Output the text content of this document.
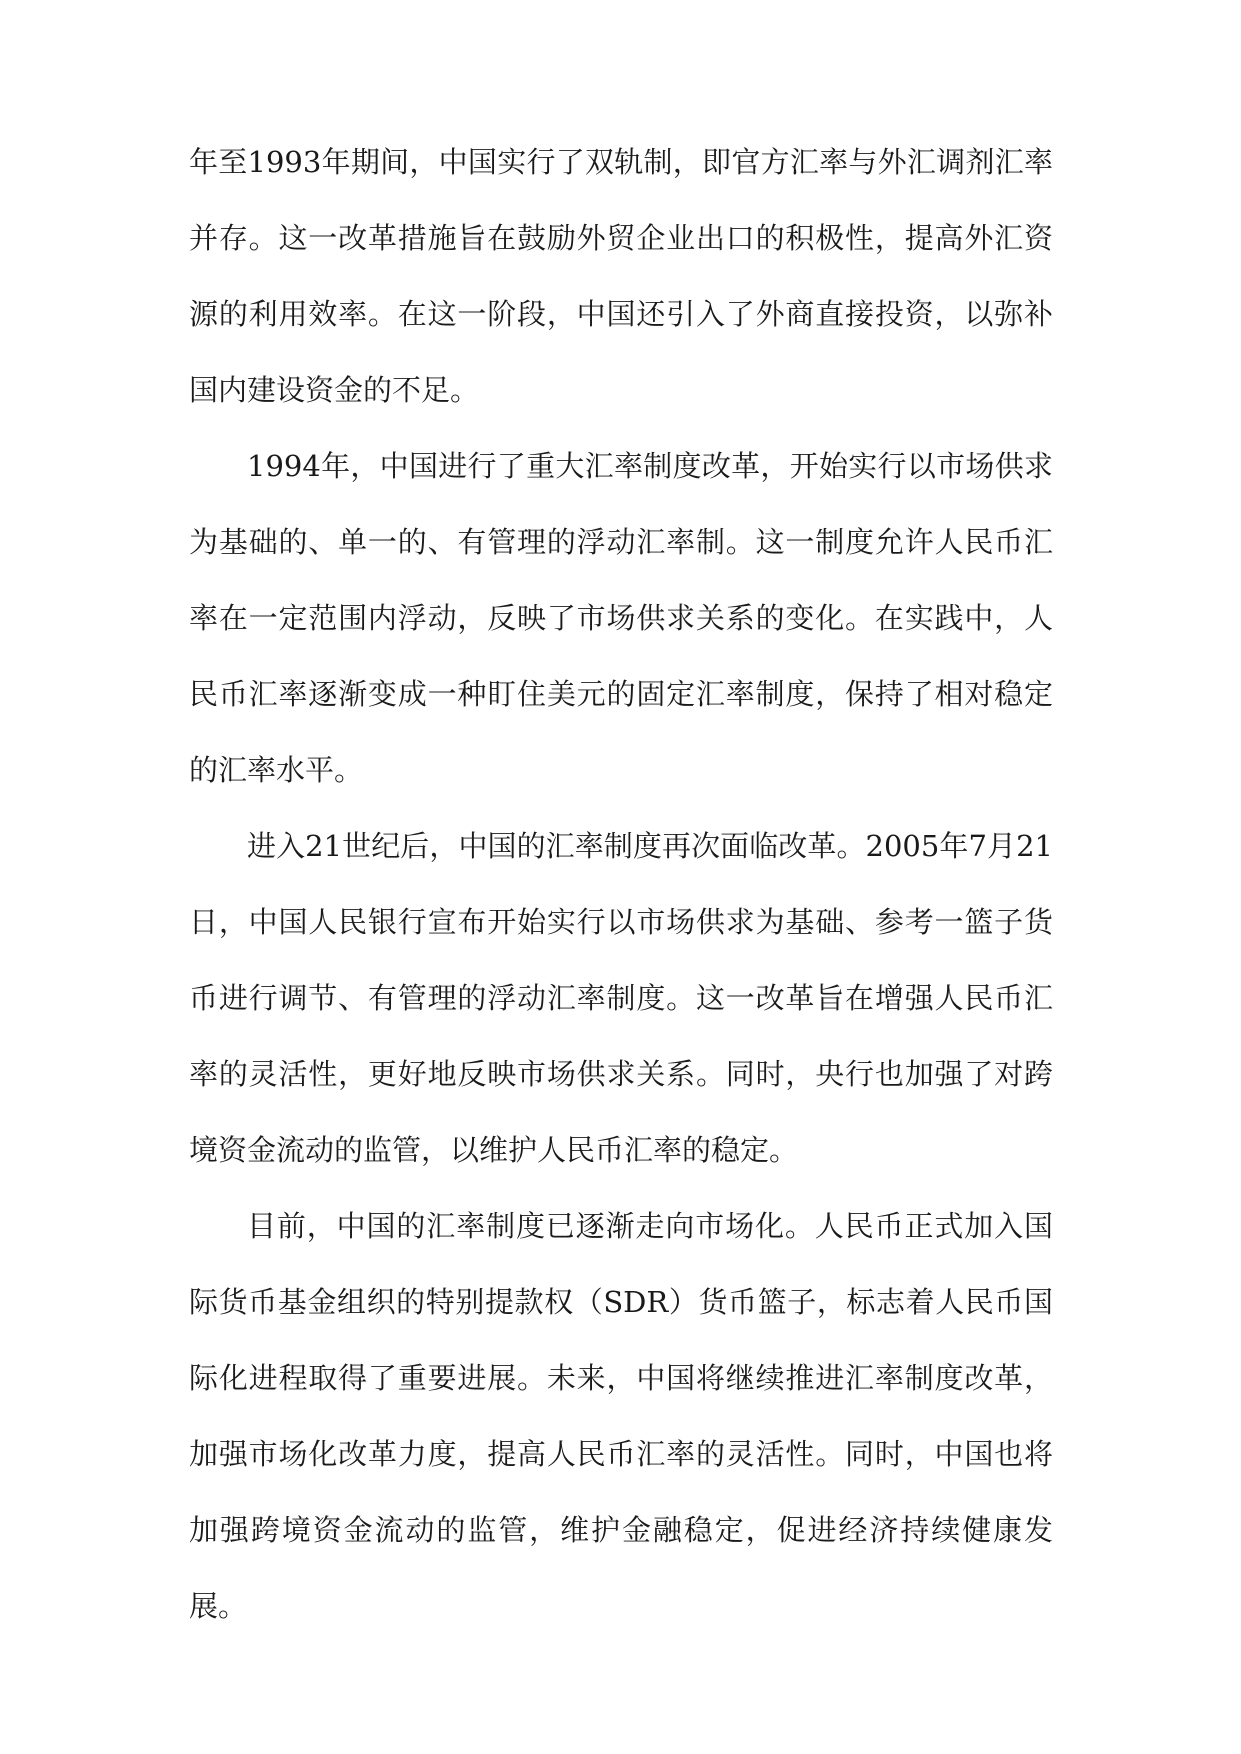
年至1993年期间，中国实行了双轨制，即官方汇率与外汇调剂汇率并存。这一改革措施旨在鼓励外贸企业出口的积极性，提高外汇资源的利用效率。在这一阶段，中国还引入了外商直接投资，以弥补国内建设资金的不足。

1994年，中国进行了重大汇率制度改革，开始实行以市场供求为基础的、单一的、有管理的浮动汇率制。这一制度允许人民币汇率在一定范围内浮动，反映了市场供求关系的变化。在实践中，人民币汇率逐渐变成一种盯住美元的固定汇率制度，保持了相对稳定的汇率水平。

进入21世纪后，中国的汇率制度再次面临改革。2005年7月21日，中国人民银行宣布开始实行以市场供求为基础、参考一篮子货币进行调节、有管理的浮动汇率制度。这一改革旨在增强人民币汇率的灵活性，更好地反映市场供求关系。同时，央行也加强了对跨境资金流动的监管，以维护人民币汇率的稳定。

目前，中国的汇率制度已逐渐走向市场化。人民币正式加入国际货币基金组织的特别提款权（SDR）货币篮子，标志着人民币国际化进程取得了重要进展。未来，中国将继续推进汇率制度改革，加强市场化改革力度，提高人民币汇率的灵活性。同时，中国也将加强跨境资金流动的监管，维护金融稳定，促进经济持续健康发展。
